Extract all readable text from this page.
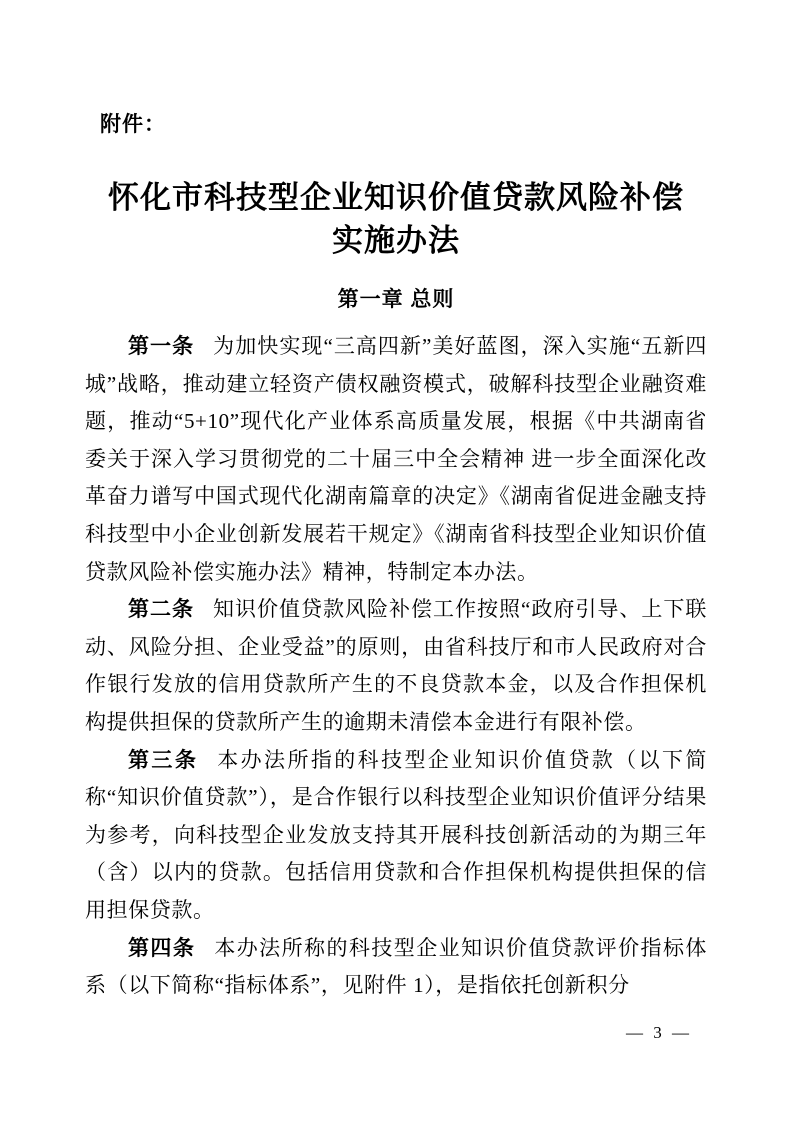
附件：
怀化市科技型企业知识价值贷款风险补偿
实施办法
第一章 总则

第一条 为加快实现“三高四新”美好蓝图，深入实施“五新四城”战略，推动建立轻资产债权融资模式，破解科技型企业融资难题，推动“5+10”现代化产业体系高质量发展，根据《中共湖南省委关于深入学习贯彻党的二十届三中全会精神 进一步全面深化改革奋力谱写中国式现代化湖南篇章的决定》《湖南省促进金融支持科技型中小企业创新发展若干规定》《湖南省科技型企业知识价值贷款风险补偿实施办法》精神，特制定本办法。

第二条 知识价值贷款风险补偿工作按照“政府引导、上下联动、风险分担、企业受益”的原则，由省科技厅和市人民政府对合作银行发放的信用贷款所产生的不良贷款本金，以及合作担保机构提供担保的贷款所产生的逾期未清偿本金进行有限补偿。

第三条 本办法所指的科技型企业知识价值贷款（以下简称“知识价值贷款”），是合作银行以科技型企业知识价值评分结果为参考，向科技型企业发放支持其开展科技创新活动的为期三年（含）以内的贷款。包括信用贷款和合作担保机构提供担保的信用担保贷款。

第四条 本办法所称的科技型企业知识价值贷款评价指标体系（以下简称“指标体系”，见附件 1），是指依托创新积分

— 3 —
